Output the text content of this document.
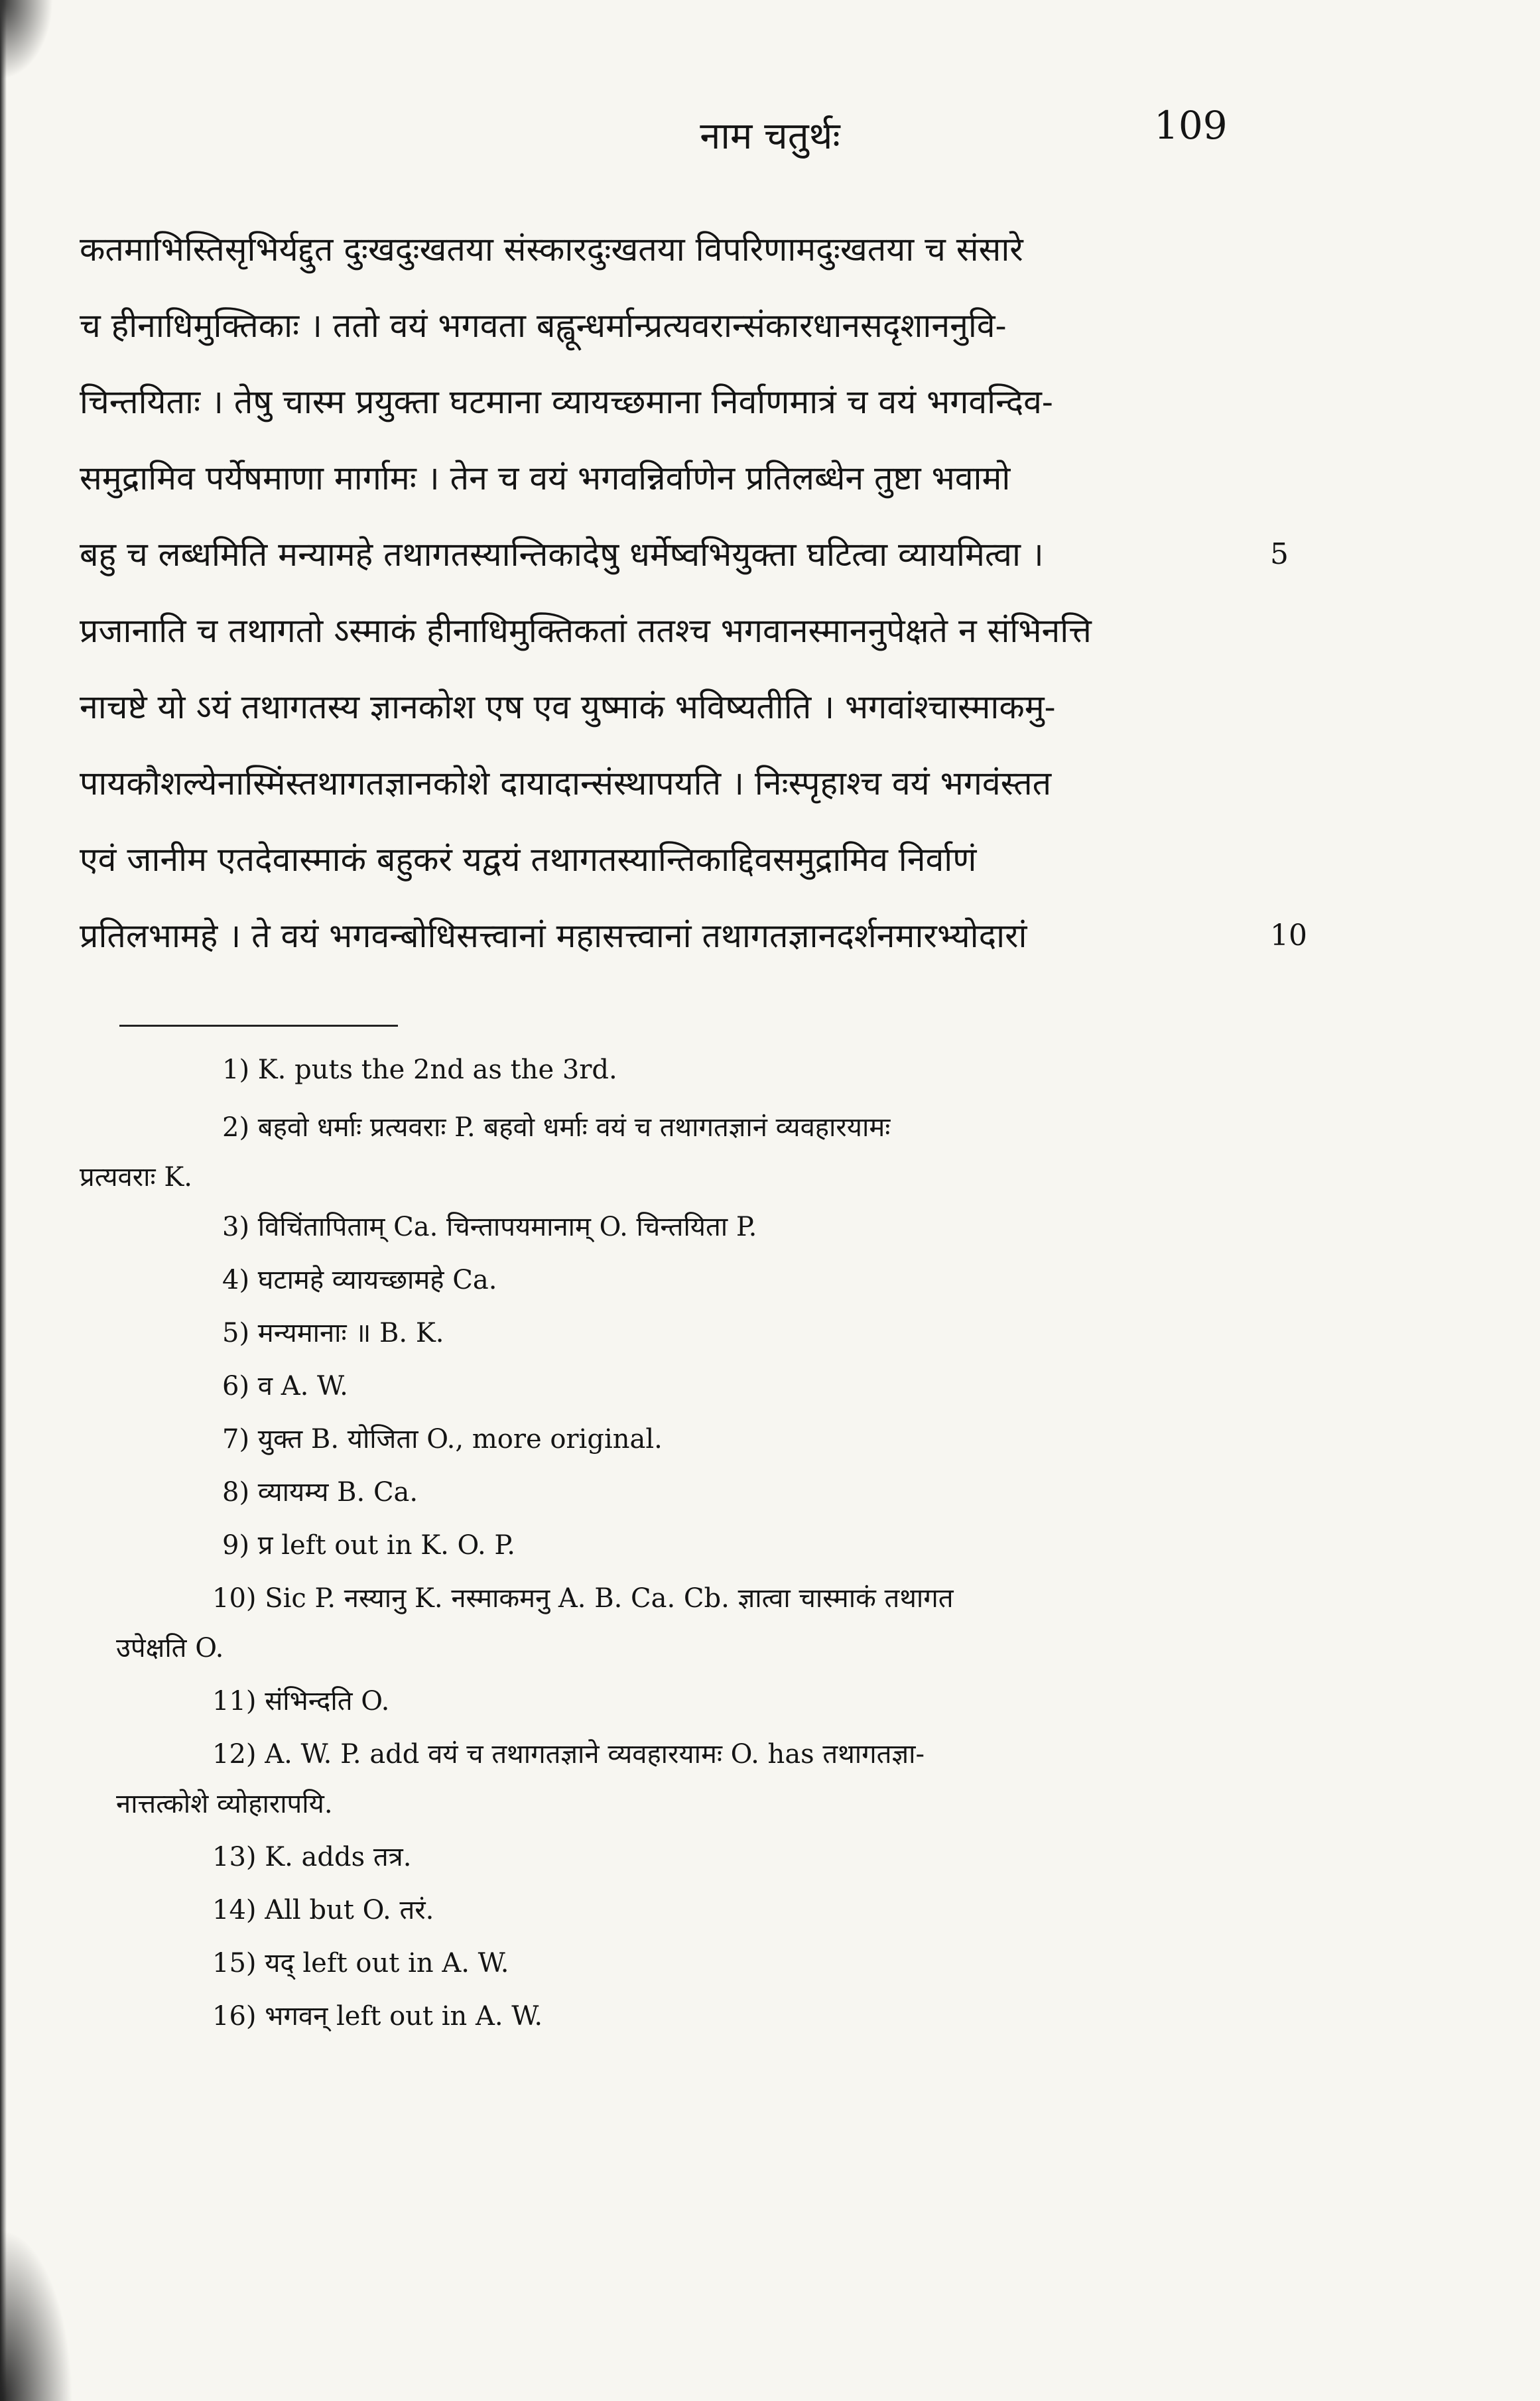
नाम चतुर्थः	109
कतमाभिस्तिसृभिर्यद्दुत दुःखदुःखतया संस्कारदुःखतया विपरिणामदुःखतया च संसारे
च हीनाधिमुक्तिकाः । ततो वयं भगवता बह्वून्धर्मान्प्रत्यवरान्संकारधानसदृशाननुवि-
चिन्तयिताः । तेषु चास्म प्रयुक्ता घटमाना व्यायच्छमाना निर्वाणमात्रं च वयं भगवन्दिव-
समुद्रामिव पर्येषमाणा मार्गामः । तेन च वयं भगवन्निर्वाणेन प्रतिलब्धेन तुष्टा भवामो
बहु च लब्धमिति मन्यामहे तथागतस्यान्तिकादेषु धर्मेष्वभियुक्ता घटित्वा व्यायमित्वा ।
प्रजानाति च तथागतो ऽस्माकं हीनाधिमुक्तिकतां ततश्च भगवानस्माननुपेक्षते न संभिनत्ति
नाचष्टे यो ऽयं तथागतस्य ज्ञानकोश एष एव युष्माकं भविष्यतीति । भगवांश्चास्माकमु-
पायकौशल्येनास्मिंस्तथागतज्ञानकोशे दायादान्संस्थापयति । निःस्पृहाश्च वयं भगवंस्तत
एवं जानीम एतदेवास्माकं बहुकरं यद्वयं तथागतस्यान्तिकाद्दिवसमुद्रामिव निर्वाणं
प्रतिलभामहे । ते वयं भगवन्बोधिसत्त्वानां महासत्त्वानां तथागतज्ञानदर्शनमारभ्योदारां
5
10
1) K. puts the 2nd as the 3rd.
2) बहवो धर्माः प्रत्यवराः P. बहवो धर्माः वयं च तथागतज्ञानं व्यवहारयामः
प्रत्यवराः K.
3) विचिंतापिताम् Ca. चिन्तापयमानाम् O. चिन्तयिता P.
4) घटामहे व्यायच्छामहे Ca.
5) मन्यमानाः ॥ B. K.
6) व A. W.
7) युक्त B. योजिता O., more original.
8) व्यायम्य B. Ca.
9) प्र left out in K. O. P.
10) Sic P. नस्यानु K. नस्माकमनु A. B. Ca. Cb. ज्ञात्वा चास्माकं तथागत
उपेक्षति O.
11) संभिन्दति O.
12) A. W. P. add वयं च तथागतज्ञाने व्यवहारयामः O. has तथागतज्ञा-
नात्तत्कोशे व्योहारापयि.
13) K. adds तत्र.
14) All but O. तरं.
15) यद् left out in A. W.
16) भगवन् left out in A. W.
